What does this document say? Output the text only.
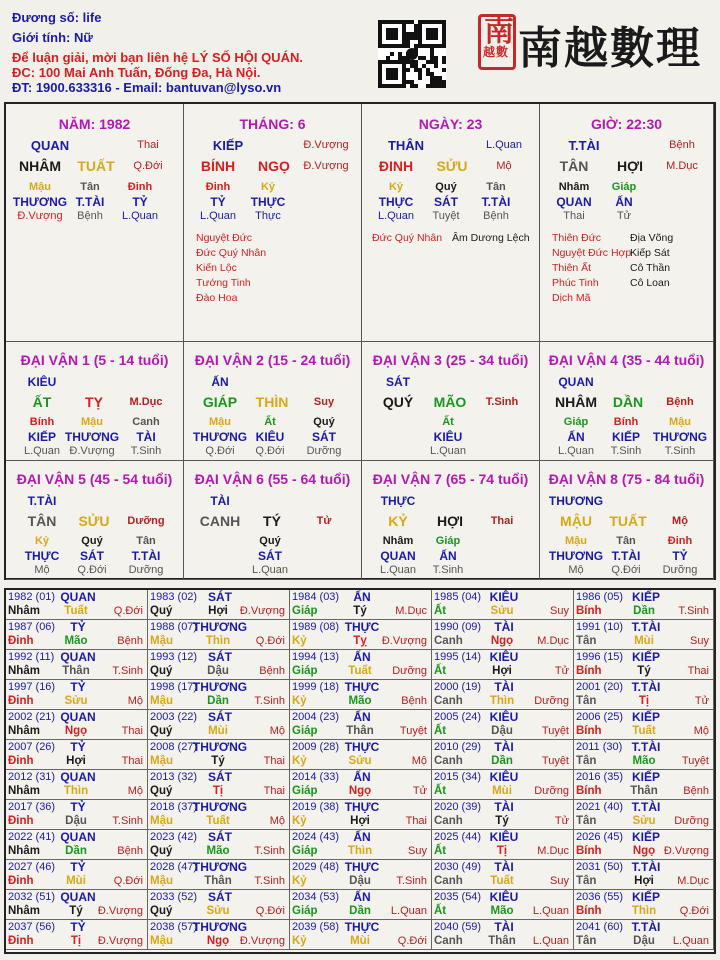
Đương số: life
Giới tính: Nữ
Để luận giải, mời bạn liên hệ LÝ SỐ HỘI QUÁN.
ĐC: 100 Mai Anh Tuấn, Đống Đa, Hà Nội.
ĐT: 1900.633316 - Email: bantuvan@lyso.vn
南
越數 南越數理
NĂM: 1982
QUAN	Thai
NHÂM TUẤT Q.Đới
Mậu	Tân	Đinh
THƯƠNG T.TÀI TỶ
Đ.Vượng Bệnh L.Quan
THÁNG: 6
KIẾP	Đ.Vượng
BÍNH NGỌ Đ.Vượng
Đinh	Kỷ
TỶ THỰC
L.Quan Thực
Nguyệt Đức
Đức Quý Nhân
Kiến Lộc
Tướng Tinh
Đào Hoa
NGÀY: 23
THÂN	L.Quan
ĐINH SỬU	Mộ
Kỷ	Quý	Tân
THỰC SÁT T.TÀI
L.Quan Tuyệt Bệnh
Đức Quý Nhân Âm Dương Lệch
GIỜ: 22:30
T.TÀI	Bệnh
TÂN HỢI M.Dục
Nhâm Giáp
QUAN ẤN
Thai	Tử
Thiên Đức
Nguyệt Đức Hợp
Thiên Ất
Phúc Tinh
Dịch Mã
Địa Võng
Kiếp Sát
Cô Thần
Cô Loan
ĐẠI VẬN 1 (5 - 14 tuổi)
KIÊU
ẤT TỴ M.Dục
Bính Mậu	Canh
KIẾP THƯƠNG TÀI
L.Quan Đ.Vượng T.Sinh
ĐẠI VẬN 2 (15 - 24 tuổi)
ẤN
GIÁP THÌN Suy
Mậu	Ất	Quý
THƯƠNG KIÊU SÁT
Q.Đới Q.Đới Dưỡng
ĐẠI VẬN 3 (25 - 34 tuổi)
SÁT
QUÝ MÃO T.Sinh
Ất
KIÊU
L.Quan
ĐẠI VẬN 4 (35 - 44 tuổi)
QUAN
NHÂM DẦN Bệnh
Giáp Bính	Mậu
ẤN KIẾP THƯƠNG
L.Quan T.Sinh T.Sinh
ĐẠI VẬN 5 (45 - 54 tuổi)
T.TÀI
TÂN SỬU Dưỡng
Kỷ	Quý	Tân
THỰC SÁT T.TÀI
Mộ	Q.Đới Dưỡng
ĐẠI VẬN 6 (55 - 64 tuổi)
TÀI
CANH TÝ	Tử
Quý
SÁT
L.Quan
ĐẠI VẬN 7 (65 - 74 tuổi)
THỰC
KỶ HỢI	Thai
Nhâm Giáp
QUAN ẤN
L.Quan T.Sinh
ĐẠI VẬN 8 (75 - 84 tuổi)
THƯƠNG
MẬU TUẤT Mộ
Mậu	Tân	Đinh
THƯƠNG T.TÀI	TỶ
Mộ	Q.Đới Dưỡng
1982 (01) QUAN
Nhâm Tuất Q.Đới
1983 (02) SÁT
Quý	Hợi Đ.Vượng
1984 (03) ẤN
Giáp	Tý	M.Dục
1985 (04) KIÊU
Ất	Sửu	Suy
1986 (05) KIẾP
Bính	Dần T.Sinh
1987 (06) TỶ
Đinh	Mão	Bệnh
1988 (07)
THƯƠNG
Mậu	Thìn Q.Đới
1989 (08) THỰC
Kỷ	Tỵ Đ.Vượng
1990 (09) TÀI
Canh Ngọ M.Dục
1991 (10) T.TÀI
Tân	Mùi	Suy
1992 (11) QUAN
Nhâm Thân T.Sinh
1993 (12) SÁT
Quý	Dậu	Bệnh
1994 (13) ẤN
Giáp	Tuất Dưỡng
1995 (14) KIÊU
Ất	Hợi	Tử
1996 (15) KIẾP
Bính	Tý	Thai
1997 (16) TỶ
Đinh	Sửu	Mộ
1998 (17)
THƯƠNG
Mậu	Dần T.Sinh
1999 (18) THỰC
Kỷ	Mão	Bệnh
2000 (19) TÀI
Canh Thìn Dưỡng
2001 (20) T.TÀI
Tân	Tị	Tử
2002 (21) QUAN
Nhâm Ngọ	Thai
2003 (22) SÁT
Quý	Mùi	Mộ
2004 (23) ẤN
Giáp Thân Tuyệt
2005 (24) KIÊU
Ất	Dậu	Tuyệt
2006 (25) KIẾP
Bính	Tuất	Mộ
2007 (26) TỶ
Đinh	Hợi	Thai
2008 (27)
THƯƠNG
Mậu	Tý	Thai
2009 (28) THỰC
Kỷ	Sửu	Mộ
2010 (29) TÀI
Canh Dần	Tuyệt
2011 (30) T.TÀI
Tân	Mão Tuyệt
2012 (31) QUAN
Nhâm Thìn	Mộ
2013 (32) SÁT
Quý	Tị	Thai
2014 (33) ẤN
Giáp	Ngọ	Tử
2015 (34) KIÊU
Ất	Mùi Dưỡng
2016 (35) KIẾP
Bính Thân Bệnh
2017 (36) TỶ
Đinh	Dậu T.Sinh
2018 (37)
THƯƠNG
Mậu	Tuất	Mộ
2019 (38) THỰC
Kỷ	Hợi	Thai
2020 (39) TÀI
Canh	Tý	Tử
2021 (40) T.TÀI
Tân	Sửu Dưỡng
2022 (41) QUAN
Nhâm Dần	Bệnh
2023 (42) SÁT
Quý	Mão T.Sinh
2024 (43) ẤN
Giáp	Thìn	Suy
2025 (44) KIÊU
Ất	Tị	M.Dục
2026 (45) KIẾP
Bính	Ngọ Đ.Vượng
2027 (46) TỶ
Đinh	Mùi	Q.Đới
2028 (47)
THƯƠNG
Mậu	Thân T.Sinh
2029 (48) THỰC
Kỷ	Dậu T.Sinh
2030 (49) TÀI
Canh Tuất	Suy
2031 (50) T.TÀI
Tân	Hợi M.Dục
2032 (51) QUAN
Nhâm	Tý Đ.Vượng
2033 (52) SÁT
Quý	Sửu Q.Đới
2034 (53) ẤN
Giáp	Dần L.Quan
2035 (54) KIÊU
Ất	Mão L.Quan
2036 (55) KIẾP
Bính	Thìn Q.Đới
2037 (56) TỶ
Đinh	Tị Đ.Vượng
2038 (57)
THƯƠNG
Mậu	Ngọ Đ.Vượng
2039 (58) THỰC
Kỷ	Mùi	Q.Đới
2040 (59) TÀI
Canh Thân L.Quan
2041 (60) T.TÀI
Tân	Dậu L.Quan
